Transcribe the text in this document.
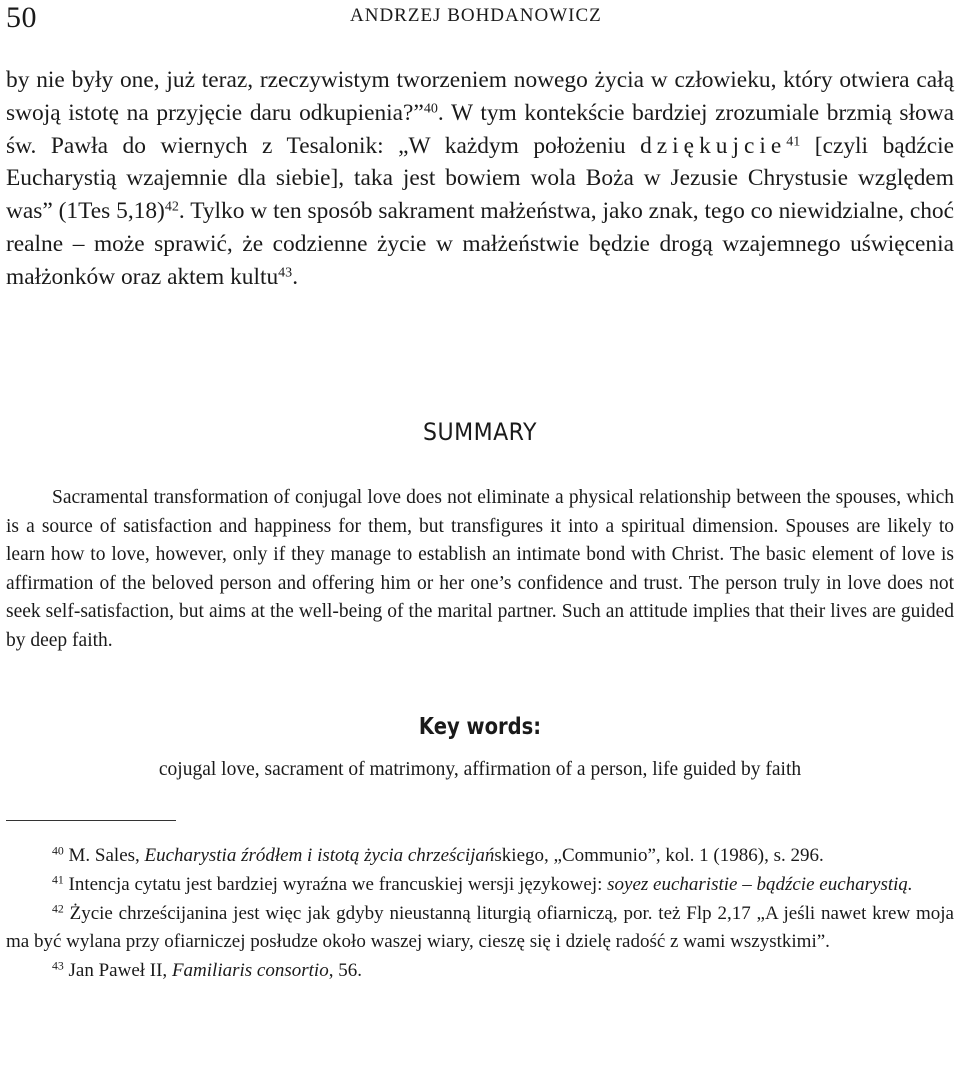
50	ANDRZEJ BOHDANOWICZ

by nie były one, już teraz, rzeczywistym tworzeniem nowego życia w człowieku, który otwiera całą swoją istotę na przyjęcie daru odkupienia?”$^{40}$. W tym kontekście bardziej zrozumiale brzmią słowa św. Pawła do wiernych z Tesalonik: „W każdym położeniu dziękujcie$^{41}$ [czyli bądźcie Eucharystią wzajemnie dla siebie], taka jest bowiem wola Boża w Jezusie Chrystusie względem was” (1Tes 5,18)$^{42}$. Tylko w ten sposób sakrament małżeństwa, jako znak, tego co niewidzialne, choć realne – może sprawić, że codzienne życie w małżeństwie będzie drogą wzajemnego uświęcenia małżonków oraz aktem kultu$^{43}$.

SUMMARY

Sacramental transformation of conjugal love does not eliminate a physical relationship between the spouses, which is a source of satisfaction and happiness for them, but transfigures it into a spiritual dimension. Spouses are likely to learn how to love, however, only if they manage to establish an intimate bond with Christ. The basic element of love is affirmation of the beloved person and offering him or her one’s confidence and trust. The person truly in love does not seek self-satisfaction, but aims at the well-being of the marital partner. Such an attitude implies that their lives are guided by deep faith.

Key words:

cojugal love, sacrament of matrimony, affirmation of a person, life guided by faith

$^{40}$ M. Sales, Eucharystia źródłem i istotą życia chrześcijańskiego, „Communio”, kol. 1 (1986), s. 296.

$^{41}$ Intencja cytatu jest bardziej wyraźna we francuskiej wersji językowej: soyez eucharistie – bądźcie eucharystią.

$^{42}$ Życie chrześcijanina jest więc jak gdyby nieustanną liturgią ofiarniczą, por. też Flp 2,17 „A jeśli nawet krew moja ma być wylana przy ofiarniczej posłudze około waszej wiary, cieszę się i dzielę radość z wami wszystkimi”.

$^{43}$ Jan Paweł II, Familiaris consortio, 56.
